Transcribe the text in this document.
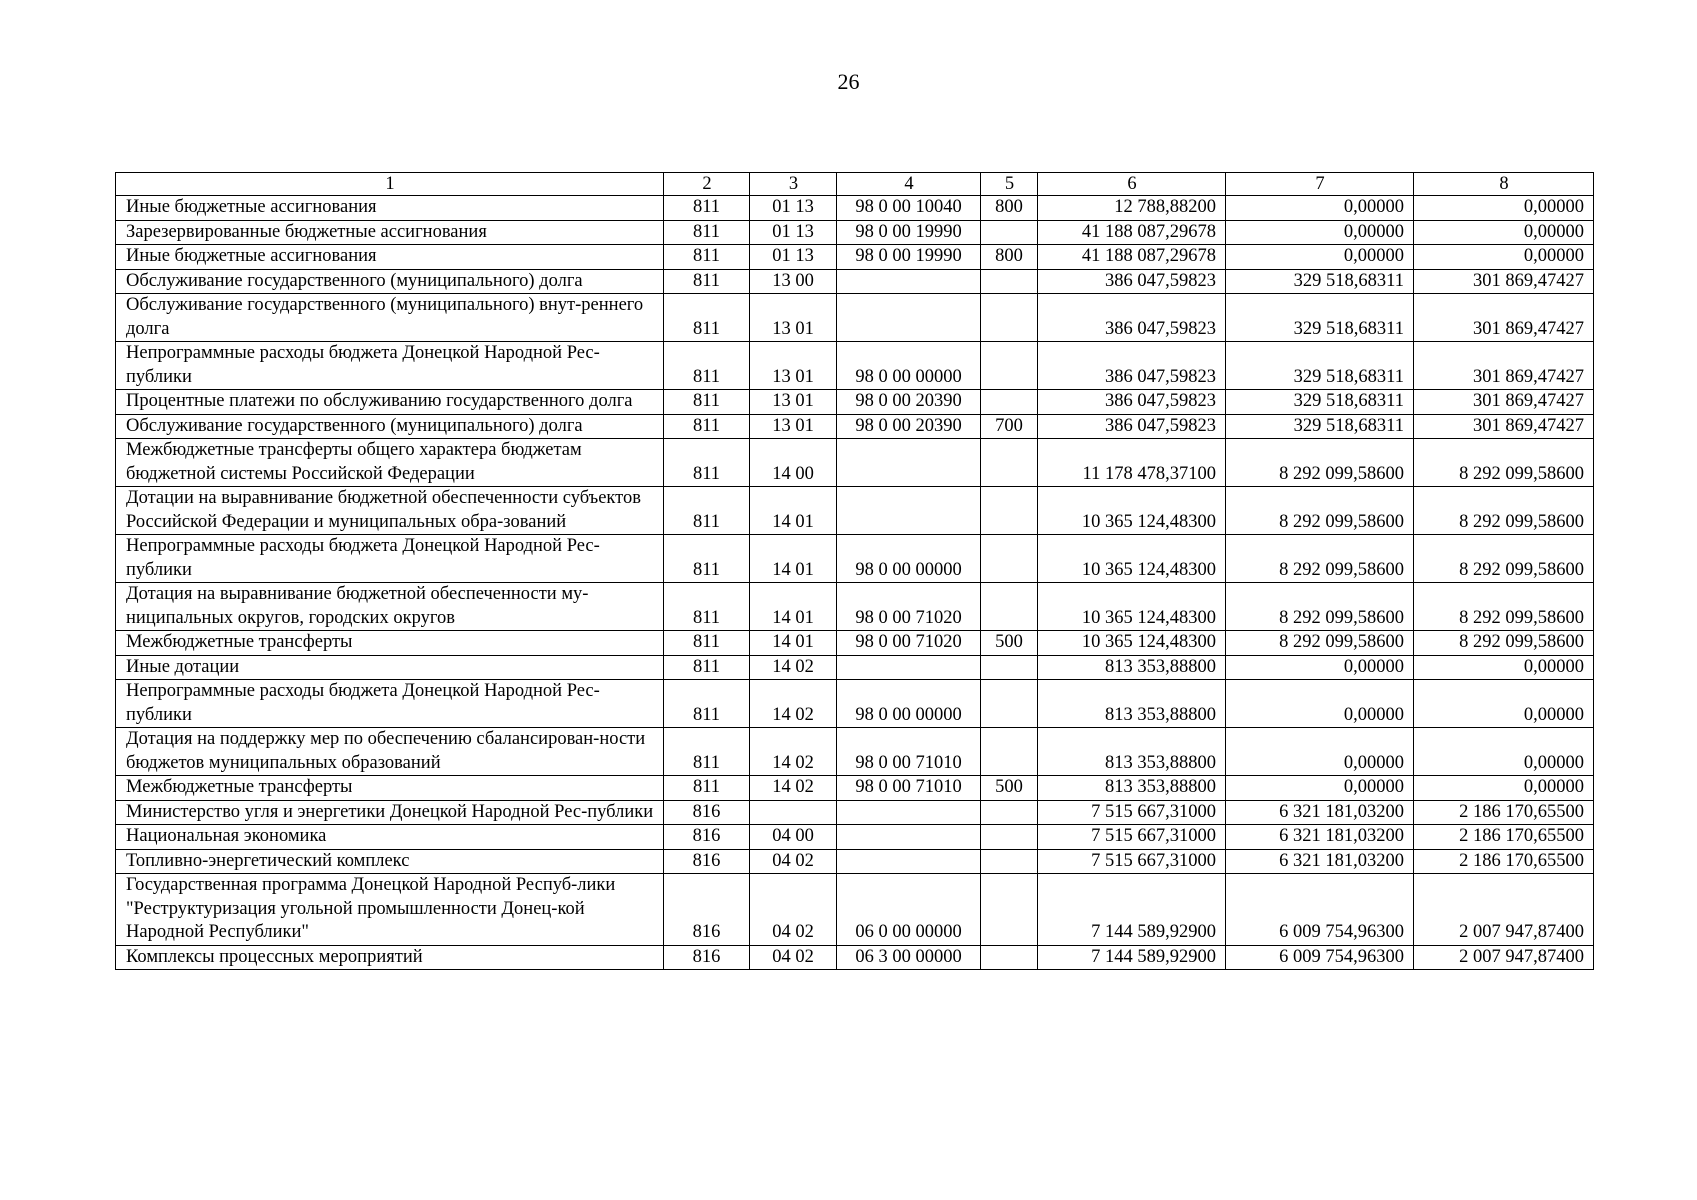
26
1	2	3	4	5	6	7	8
Иные бюджетные ассигнования	811	01 13	98 0 00 10040	800	12 788,88200	0,00000	0,00000
Зарезервированные бюджетные ассигнования	811	01 13	98 0 00 19990		41 188 087,29678	0,00000	0,00000
Иные бюджетные ассигнования	811	01 13	98 0 00 19990	800	41 188 087,29678	0,00000	0,00000
Обслуживание государственного (муниципального) долга	811	13 00			386 047,59823	329 518,68311	301 869,47427
Обслуживание государственного (муниципального) внут-реннего долга	811	13 01			386 047,59823	329 518,68311	301 869,47427
Непрограммные расходы бюджета Донецкой Народной Рес-публики	811	13 01	98 0 00 00000		386 047,59823	329 518,68311	301 869,47427
Процентные платежи по обслуживанию государственного долга	811	13 01	98 0 00 20390		386 047,59823	329 518,68311	301 869,47427
Обслуживание государственного (муниципального) долга	811	13 01	98 0 00 20390	700	386 047,59823	329 518,68311	301 869,47427
Межбюджетные трансферты общего характера бюджетам бюджетной системы Российской Федерации	811	14 00			11 178 478,37100	8 292 099,58600	8 292 099,58600
Дотации на выравнивание бюджетной обеспеченности субъектов Российской Федерации и муниципальных обра-зований	811	14 01			10 365 124,48300	8 292 099,58600	8 292 099,58600
Непрограммные расходы бюджета Донецкой Народной Рес-публики	811	14 01	98 0 00 00000		10 365 124,48300	8 292 099,58600	8 292 099,58600
Дотация на выравнивание бюджетной обеспеченности му-ниципальных округов, городских округов	811	14 01	98 0 00 71020		10 365 124,48300	8 292 099,58600	8 292 099,58600
Межбюджетные трансферты	811	14 01	98 0 00 71020	500	10 365 124,48300	8 292 099,58600	8 292 099,58600
Иные дотации	811	14 02			813 353,88800	0,00000	0,00000
Непрограммные расходы бюджета Донецкой Народной Рес-публики	811	14 02	98 0 00 00000		813 353,88800	0,00000	0,00000
Дотация на поддержку мер по обеспечению сбалансирован-ности бюджетов муниципальных образований	811	14 02	98 0 00 71010		813 353,88800	0,00000	0,00000
Межбюджетные трансферты	811	14 02	98 0 00 71010	500	813 353,88800	0,00000	0,00000
Министерство угля и энергетики Донецкой Народной Рес-публики	816				7 515 667,31000	6 321 181,03200	2 186 170,65500
Национальная экономика	816	04 00			7 515 667,31000	6 321 181,03200	2 186 170,65500
Топливно-энергетический комплекс	816	04 02			7 515 667,31000	6 321 181,03200	2 186 170,65500
Государственная программа Донецкой Народной Респуб-лики "Реструктуризация угольной промышленности Донец-кой Народной Республики"	816	04 02	06 0 00 00000		7 144 589,92900	6 009 754,96300	2 007 947,87400
Комплексы процессных мероприятий	816	04 02	06 3 00 00000		7 144 589,92900	6 009 754,96300	2 007 947,87400
